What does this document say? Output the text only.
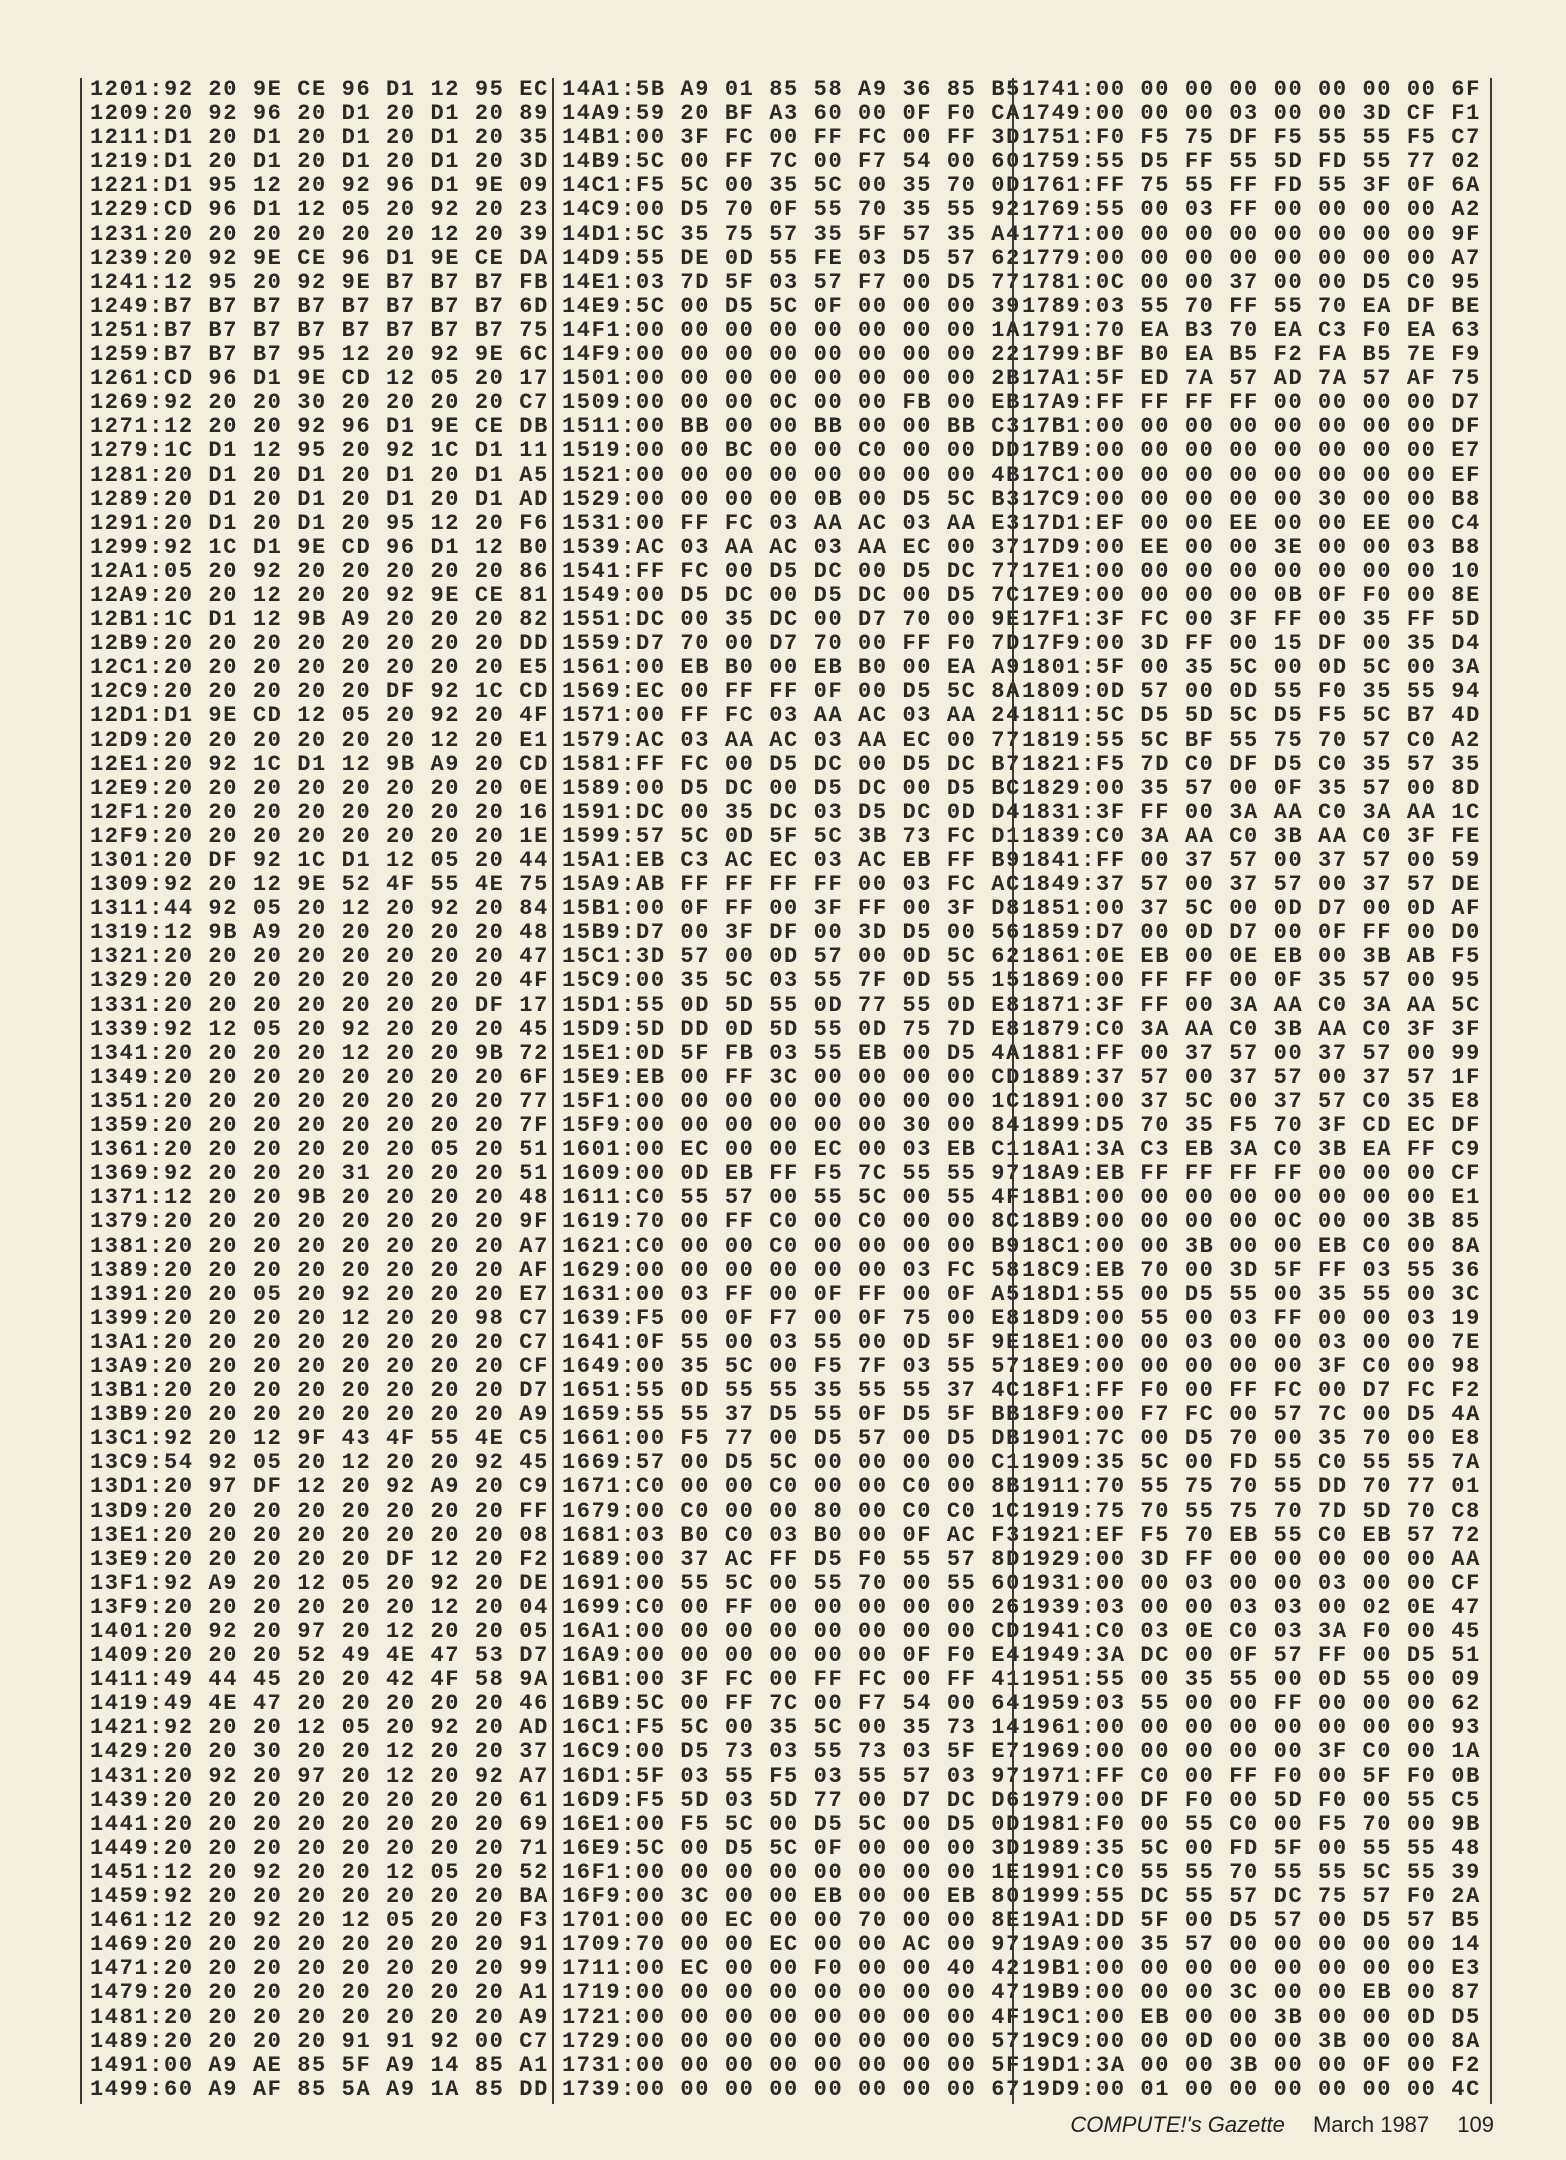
1201:92 20 9E CE 96 D1 12 95 EC
1209:20 92 96 20 D1 20 D1 20 89
1211:D1 20 D1 20 D1 20 D1 20 35
1219:D1 20 D1 20 D1 20 D1 20 3D
1221:D1 95 12 20 92 96 D1 9E 09
1229:CD 96 D1 12 05 20 92 20 23
1231:20 20 20 20 20 20 12 20 39
1239:20 92 9E CE 96 D1 9E CE DA
1241:12 95 20 92 9E B7 B7 B7 FB
1249:B7 B7 B7 B7 B7 B7 B7 B7 6D
1251:B7 B7 B7 B7 B7 B7 B7 B7 75
1259:B7 B7 B7 95 12 20 92 9E 6C
1261:CD 96 D1 9E CD 12 05 20 17
1269:92 20 20 30 20 20 20 20 C7
1271:12 20 20 92 96 D1 9E CE DB
1279:1C D1 12 95 20 92 1C D1 11
1281:20 D1 20 D1 20 D1 20 D1 A5
1289:20 D1 20 D1 20 D1 20 D1 AD
1291:20 D1 20 D1 20 95 12 20 F6
1299:92 1C D1 9E CD 96 D1 12 B0
12A1:05 20 92 20 20 20 20 20 86
12A9:20 20 12 20 20 92 9E CE 81
12B1:1C D1 12 9B A9 20 20 20 82
12B9:20 20 20 20 20 20 20 20 DD
12C1:20 20 20 20 20 20 20 20 E5
12C9:20 20 20 20 20 DF 92 1C CD
12D1:D1 9E CD 12 05 20 92 20 4F
12D9:20 20 20 20 20 20 12 20 E1
12E1:20 92 1C D1 12 9B A9 20 CD
12E9:20 20 20 20 20 20 20 20 0E
12F1:20 20 20 20 20 20 20 20 16
12F9:20 20 20 20 20 20 20 20 1E
1301:20 DF 92 1C D1 12 05 20 44
1309:92 20 12 9E 52 4F 55 4E 75
1311:44 92 05 20 12 20 92 20 84
1319:12 9B A9 20 20 20 20 20 48
1321:20 20 20 20 20 20 20 20 47
1329:20 20 20 20 20 20 20 20 4F
1331:20 20 20 20 20 20 20 DF 17
1339:92 12 05 20 92 20 20 20 45
1341:20 20 20 20 12 20 20 9B 72
1349:20 20 20 20 20 20 20 20 6F
1351:20 20 20 20 20 20 20 20 77
1359:20 20 20 20 20 20 20 20 7F
1361:20 20 20 20 20 20 05 20 51
1369:92 20 20 20 31 20 20 20 51
1371:12 20 20 9B 20 20 20 20 48
1379:20 20 20 20 20 20 20 20 9F
1381:20 20 20 20 20 20 20 20 A7
1389:20 20 20 20 20 20 20 20 AF
1391:20 20 05 20 92 20 20 20 E7
1399:20 20 20 20 12 20 20 98 C7
13A1:20 20 20 20 20 20 20 20 C7
13A9:20 20 20 20 20 20 20 20 CF
13B1:20 20 20 20 20 20 20 20 D7
13B9:20 20 20 20 20 20 20 20 A9
13C1:92 20 12 9F 43 4F 55 4E C5
13C9:54 92 05 20 12 20 20 92 45
13D1:20 97 DF 12 20 92 A9 20 C9
13D9:20 20 20 20 20 20 20 20 FF
13E1:20 20 20 20 20 20 20 20 08
13E9:20 20 20 20 20 DF 12 20 F2
13F1:92 A9 20 12 05 20 92 20 DE
13F9:20 20 20 20 20 20 12 20 04
1401:20 92 20 97 20 12 20 20 05
1409:20 20 20 52 49 4E 47 53 D7
1411:49 44 45 20 20 42 4F 58 9A
1419:49 4E 47 20 20 20 20 20 46
1421:92 20 20 12 05 20 92 20 AD
1429:20 20 30 20 20 12 20 20 37
1431:20 92 20 97 20 12 20 92 A7
1439:20 20 20 20 20 20 20 20 61
1441:20 20 20 20 20 20 20 20 69
1449:20 20 20 20 20 20 20 20 71
1451:12 20 92 20 20 12 05 20 52
1459:92 20 20 20 20 20 20 20 BA
1461:12 20 92 20 12 05 20 20 F3
1469:20 20 20 20 20 20 20 20 91
1471:20 20 20 20 20 20 20 20 99
1479:20 20 20 20 20 20 20 20 A1
1481:20 20 20 20 20 20 20 20 A9
1489:20 20 20 20 91 91 92 00 C7
1491:00 A9 AE 85 5F A9 14 85 A1
1499:60 A9 AF 85 5A A9 1A 85 DD
14A1:5B A9 01 85 58 A9 36 85 B5
14A9:59 20 BF A3 60 00 0F F0 CA
14B1:00 3F FC 00 FF FC 00 FF 3D
14B9:5C 00 FF 7C 00 F7 54 00 60
14C1:F5 5C 00 35 5C 00 35 70 0D
14C9:00 D5 70 0F 55 70 35 55 92
14D1:5C 35 75 57 35 5F 57 35 A4
14D9:55 DE 0D 55 FE 03 D5 57 62
14E1:03 7D 5F 03 57 F7 00 D5 77
14E9:5C 00 D5 5C 0F 00 00 00 39
14F1:00 00 00 00 00 00 00 00 1A
14F9:00 00 00 00 00 00 00 00 22
1501:00 00 00 00 00 00 00 00 2B
1509:00 00 00 0C 00 00 FB 00 EB
1511:00 BB 00 00 BB 00 00 BB C3
1519:00 00 BC 00 00 C0 00 00 DD
1521:00 00 00 00 00 00 00 00 4B
1529:00 00 00 00 0B 00 D5 5C B3
1531:00 FF FC 03 AA AC 03 AA E3
1539:AC 03 AA AC 03 AA EC 00 37
1541:FF FC 00 D5 DC 00 D5 DC 77
1549:00 D5 DC 00 D5 DC 00 D5 7C
1551:DC 00 35 DC 00 D7 70 00 9E
1559:D7 70 00 D7 70 00 FF F0 7D
1561:00 EB B0 00 EB B0 00 EA A9
1569:EC 00 FF FF 0F 00 D5 5C 8A
1571:00 FF FC 03 AA AC 03 AA 24
1579:AC 03 AA AC 03 AA EC 00 77
1581:FF FC 00 D5 DC 00 D5 DC B7
1589:00 D5 DC 00 D5 DC 00 D5 BC
1591:DC 00 35 DC 03 D5 DC 0D D4
1599:57 5C 0D 5F 5C 3B 73 FC D1
15A1:EB C3 AC EC 03 AC EB FF B9
15A9:AB FF FF FF FF 00 03 FC AC
15B1:00 0F FF 00 3F FF 00 3F D8
15B9:D7 00 3F DF 00 3D D5 00 56
15C1:3D 57 00 0D 57 00 0D 5C 62
15C9:00 35 5C 03 55 7F 0D 55 15
15D1:55 0D 5D 55 0D 77 55 0D E8
15D9:5D DD 0D 5D 55 0D 75 7D E8
15E1:0D 5F FB 03 55 EB 00 D5 4A
15E9:EB 00 FF 3C 00 00 00 00 CD
15F1:00 00 00 00 00 00 00 00 1C
15F9:00 00 00 00 00 00 30 00 84
1601:00 EC 00 00 EC 00 03 EB C1
1609:00 0D EB FF F5 7C 55 55 97
1611:C0 55 57 00 55 5C 00 55 4F
1619:70 00 FF C0 00 C0 00 00 8C
1621:C0 00 00 C0 00 00 00 00 B9
1629:00 00 00 00 00 00 03 FC 58
1631:00 03 FF 00 0F FF 00 0F A5
1639:F5 00 0F F7 00 0F 75 00 E8
1641:0F 55 00 03 55 00 0D 5F 9E
1649:00 35 5C 00 F5 7F 03 55 57
1651:55 0D 55 55 35 55 55 37 4C
1659:55 55 37 D5 55 0F D5 5F BB
1661:00 F5 77 00 D5 57 00 D5 DB
1669:57 00 D5 5C 00 00 00 00 C1
1671:C0 00 00 C0 00 00 C0 00 8B
1679:00 C0 00 00 80 00 C0 C0 1C
1681:03 B0 C0 03 B0 00 0F AC F3
1689:00 37 AC FF D5 F0 55 57 8D
1691:00 55 5C 00 55 70 00 55 60
1699:C0 00 FF 00 00 00 00 00 26
16A1:00 00 00 00 00 00 00 00 CD
16A9:00 00 00 00 00 00 0F F0 E4
16B1:00 3F FC 00 FF FC 00 FF 41
16B9:5C 00 FF 7C 00 F7 54 00 64
16C1:F5 5C 00 35 5C 00 35 73 14
16C9:00 D5 73 03 55 73 03 5F E7
16D1:5F 03 55 F5 03 55 57 03 97
16D9:F5 5D 03 5D 77 00 D7 DC D6
16E1:00 F5 5C 00 D5 5C 00 D5 0D
16E9:5C 00 D5 5C 0F 00 00 00 3D
16F1:00 00 00 00 00 00 00 00 1E
16F9:00 3C 00 00 EB 00 00 EB 80
1701:00 00 EC 00 00 70 00 00 8E
1709:70 00 00 EC 00 00 AC 00 97
1711:00 EC 00 00 F0 00 00 40 42
1719:00 00 00 00 00 00 00 00 47
1721:00 00 00 00 00 00 00 00 4F
1729:00 00 00 00 00 00 00 00 57
1731:00 00 00 00 00 00 00 00 5F
1739:00 00 00 00 00 00 00 00 67
1741:00 00 00 00 00 00 00 00 6F
1749:00 00 00 03 00 00 3D CF F1
1751:F0 F5 75 DF F5 55 55 F5 C7
1759:55 D5 FF 55 5D FD 55 77 02
1761:FF 75 55 FF FD 55 3F 0F 6A
1769:55 00 03 FF 00 00 00 00 A2
1771:00 00 00 00 00 00 00 00 9F
1779:00 00 00 00 00 00 00 00 A7
1781:0C 00 00 37 00 00 D5 C0 95
1789:03 55 70 FF 55 70 EA DF BE
1791:70 EA B3 70 EA C3 F0 EA 63
1799:BF B0 EA B5 F2 FA B5 7E F9
17A1:5F ED 7A 57 AD 7A 57 AF 75
17A9:FF FF FF FF 00 00 00 00 D7
17B1:00 00 00 00 00 00 00 00 DF
17B9:00 00 00 00 00 00 00 00 E7
17C1:00 00 00 00 00 00 00 00 EF
17C9:00 00 00 00 00 30 00 00 B8
17D1:EF 00 00 EE 00 00 EE 00 C4
17D9:00 EE 00 00 3E 00 00 03 B8
17E1:00 00 00 00 00 00 00 00 10
17E9:00 00 00 00 0B 0F F0 00 8E
17F1:3F FC 00 3F FF 00 35 FF 5D
17F9:00 3D FF 00 15 DF 00 35 D4
1801:5F 00 35 5C 00 0D 5C 00 3A
1809:0D 57 00 0D 55 F0 35 55 94
1811:5C D5 5D 5C D5 F5 5C B7 4D
1819:55 5C BF 55 75 70 57 C0 A2
1821:F5 7D C0 DF D5 C0 35 57 35
1829:00 35 57 00 0F 35 57 00 8D
1831:3F FF 00 3A AA C0 3A AA 1C
1839:C0 3A AA C0 3B AA C0 3F FE
1841:FF 00 37 57 00 37 57 00 59
1849:37 57 00 37 57 00 37 57 DE
1851:00 37 5C 00 0D D7 00 0D AF
1859:D7 00 0D D7 00 0F FF 00 D0
1861:0E EB 00 0E EB 00 3B AB F5
1869:00 FF FF 00 0F 35 57 00 95
1871:3F FF 00 3A AA C0 3A AA 5C
1879:C0 3A AA C0 3B AA C0 3F 3F
1881:FF 00 37 57 00 37 57 00 99
1889:37 57 00 37 57 00 37 57 1F
1891:00 37 5C 00 37 57 C0 35 E8
1899:D5 70 35 F5 70 3F CD EC DF
18A1:3A C3 EB 3A C0 3B EA FF C9
18A9:EB FF FF FF FF 00 00 00 CF
18B1:00 00 00 00 00 00 00 00 E1
18B9:00 00 00 00 0C 00 00 3B 85
18C1:00 00 3B 00 00 EB C0 00 8A
18C9:EB 70 00 3D 5F FF 03 55 36
18D1:55 00 D5 55 00 35 55 00 3C
18D9:00 55 00 03 FF 00 00 03 19
18E1:00 00 03 00 00 03 00 00 7E
18E9:00 00 00 00 00 3F C0 00 98
18F1:FF F0 00 FF FC 00 D7 FC F2
18F9:00 F7 FC 00 57 7C 00 D5 4A
1901:7C 00 D5 70 00 35 70 00 E8
1909:35 5C 00 FD 55 C0 55 55 7A
1911:70 55 75 70 55 DD 70 77 01
1919:75 70 55 75 70 7D 5D 70 C8
1921:EF F5 70 EB 55 C0 EB 57 72
1929:00 3D FF 00 00 00 00 00 AA
1931:00 00 03 00 00 03 00 00 CF
1939:03 00 00 03 03 00 02 0E 47
1941:C0 03 0E C0 03 3A F0 00 45
1949:3A DC 00 0F 57 FF 00 D5 51
1951:55 00 35 55 00 0D 55 00 09
1959:03 55 00 00 FF 00 00 00 62
1961:00 00 00 00 00 00 00 00 93
1969:00 00 00 00 00 3F C0 00 1A
1971:FF C0 00 FF F0 00 5F F0 0B
1979:00 DF F0 00 5D F0 00 55 C5
1981:F0 00 55 C0 00 F5 70 00 9B
1989:35 5C 00 FD 5F 00 55 55 48
1991:C0 55 55 70 55 55 5C 55 39
1999:55 DC 55 57 DC 75 57 F0 2A
19A1:DD 5F 00 D5 57 00 D5 57 B5
19A9:00 35 57 00 00 00 00 00 14
19B1:00 00 00 00 00 00 00 00 E3
19B9:00 00 00 3C 00 00 EB 00 87
19C1:00 EB 00 00 3B 00 00 0D D5
19C9:00 00 0D 00 00 3B 00 00 8A
19D1:3A 00 00 3B 00 00 0F 00 F2
19D9:00 01 00 00 00 00 00 00 4C
COMPUTE!'s Gazette March 1987 109
